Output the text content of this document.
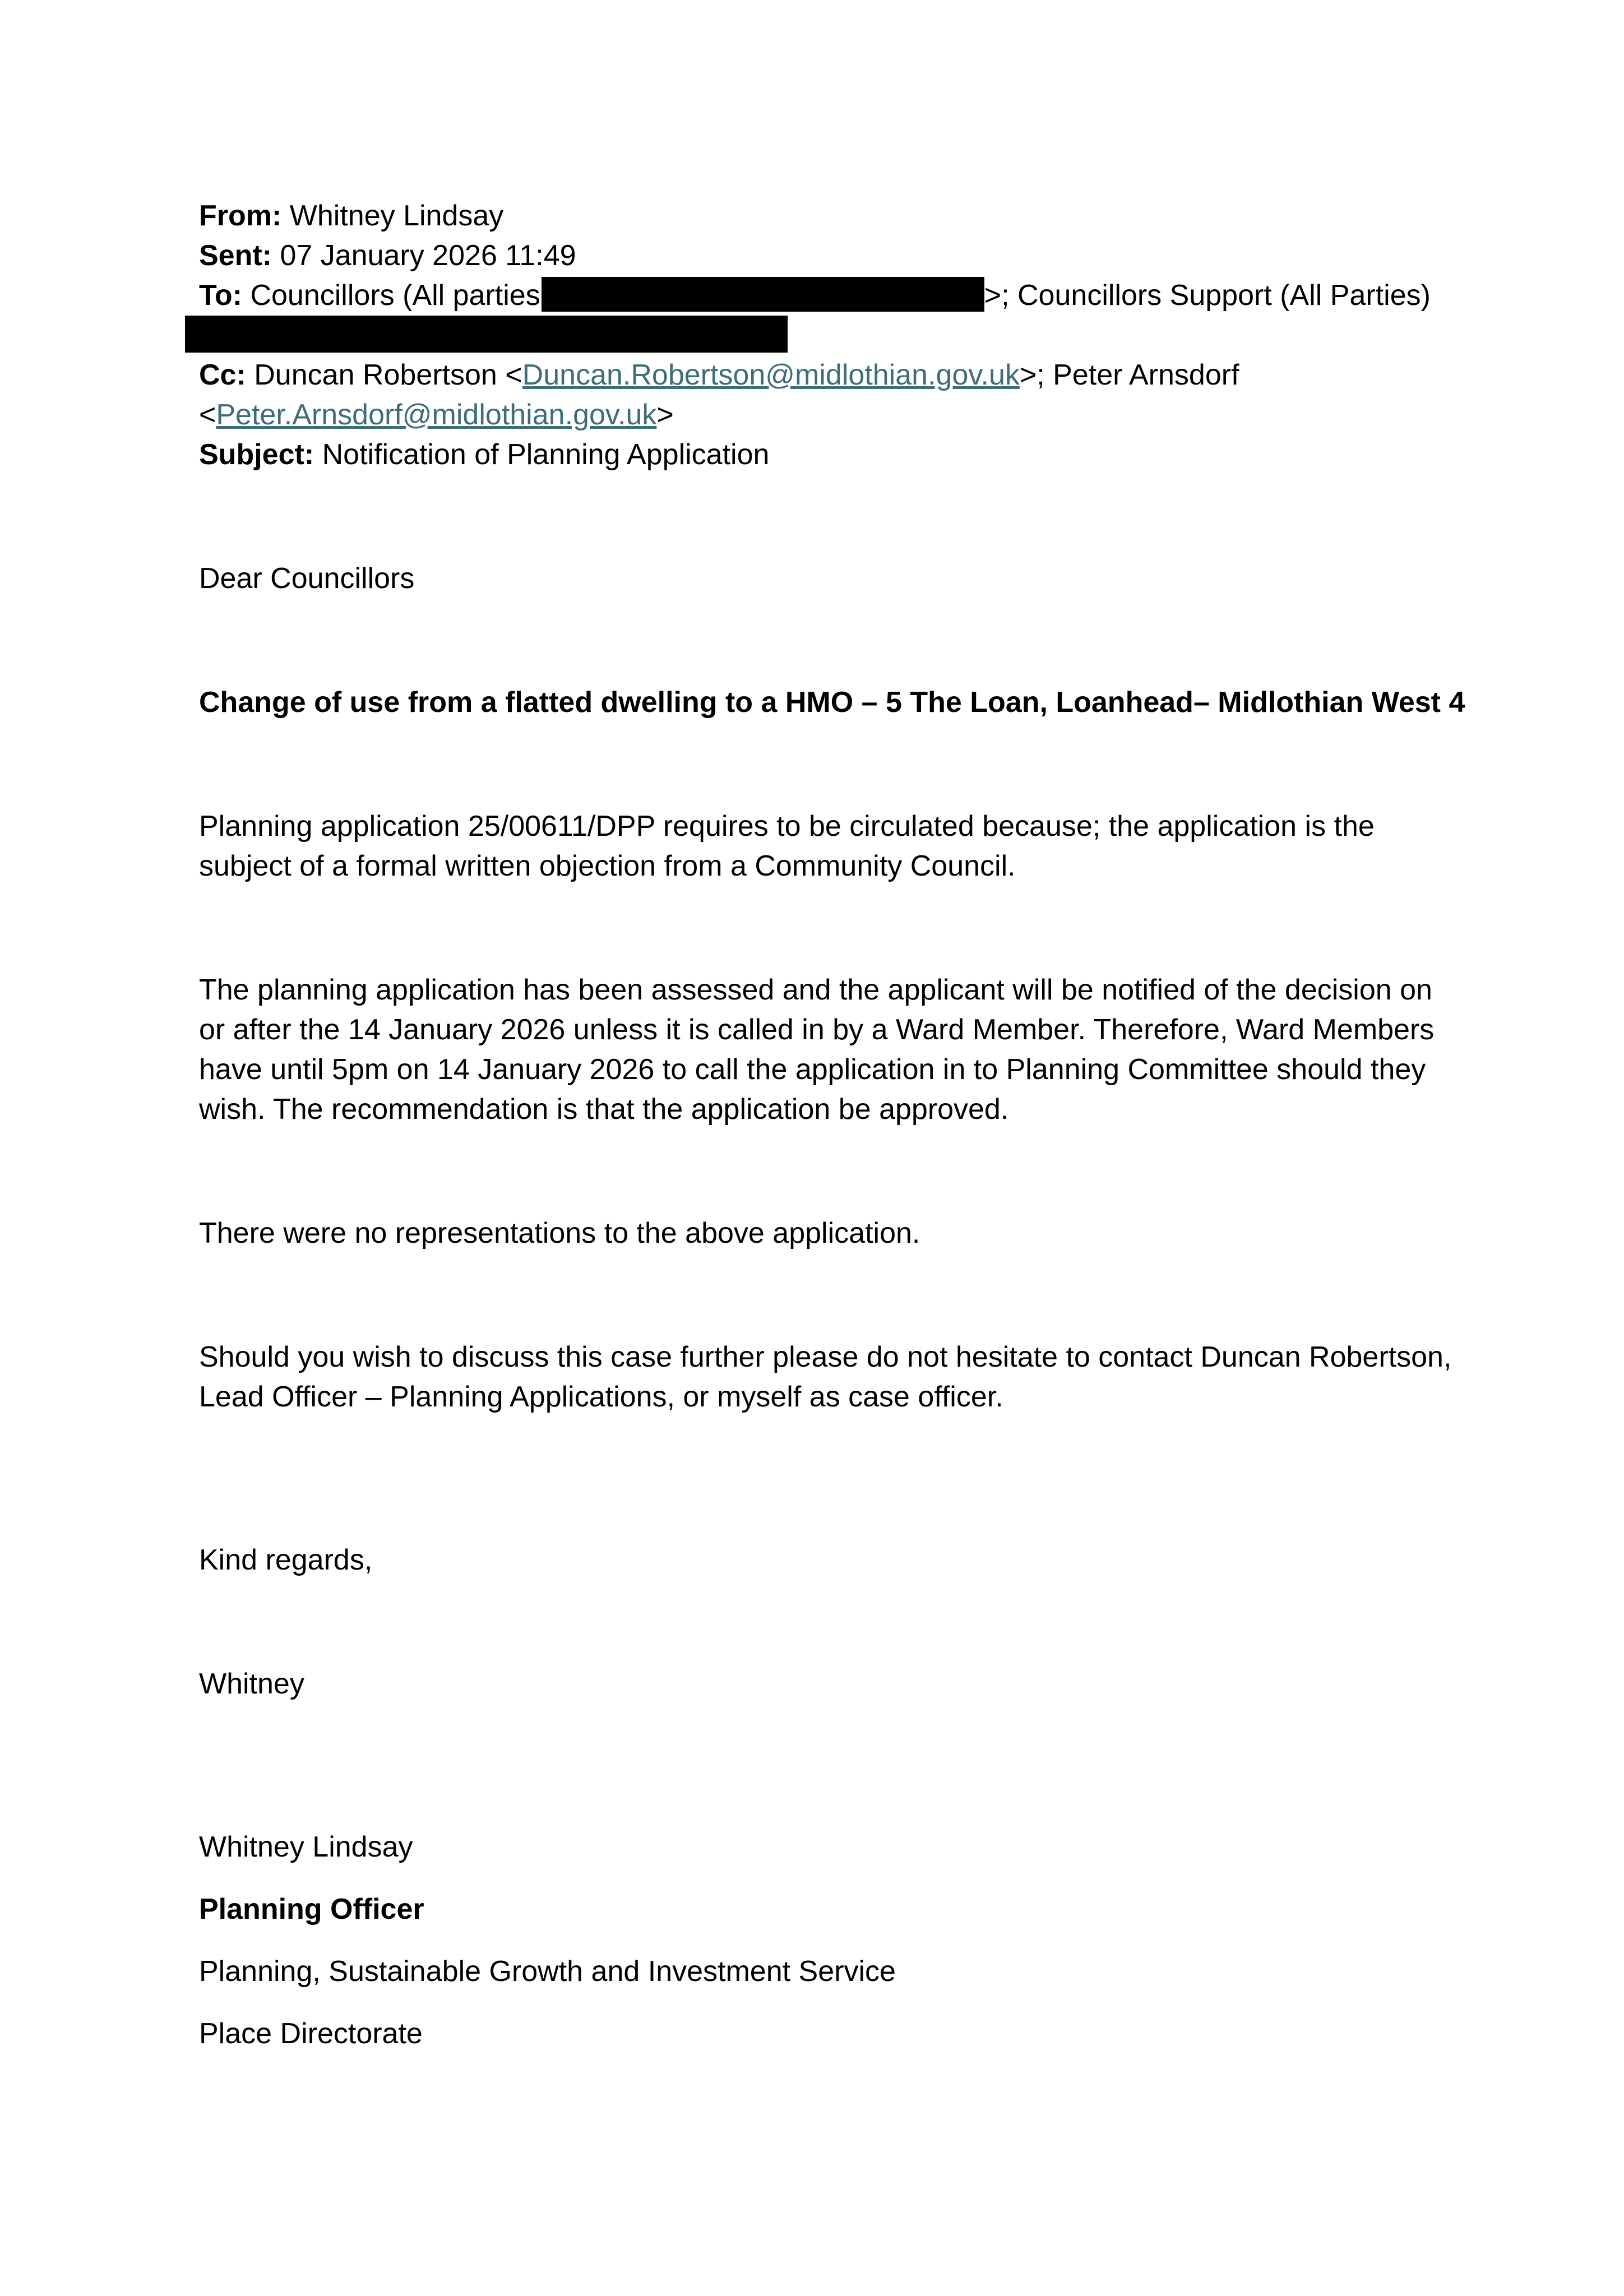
From: Whitney Lindsay
Sent: 07 January 2026 11:49
To: Councillors (All parties	>; Councillors Support (All Parties)
Cc: Duncan Robertson <Duncan.Robertson@midlothian.gov.uk>; Peter Arnsdorf
<Peter.Arnsdorf@midlothian.gov.uk>
Subject: Notification of Planning Application

Dear Councillors

Change of use from a flatted dwelling to a HMO – 5 The Loan, Loanhead– Midlothian West 4

Planning application 25/00611/DPP requires to be circulated because; the application is the subject of a formal written objection from a Community Council.

The planning application has been assessed and the applicant will be notified of the decision on or after the 14 January 2026 unless it is called in by a Ward Member. Therefore, Ward Members have until 5pm on 14 January 2026 to call the application in to Planning Committee should they wish. The recommendation is that the application be approved.

There were no representations to the above application.

Should you wish to discuss this case further please do not hesitate to contact Duncan Robertson, Lead Officer – Planning Applications, or myself as case officer.

Kind regards,

Whitney

Whitney Lindsay

Planning Officer

Planning, Sustainable Growth and Investment Service

Place Directorate
